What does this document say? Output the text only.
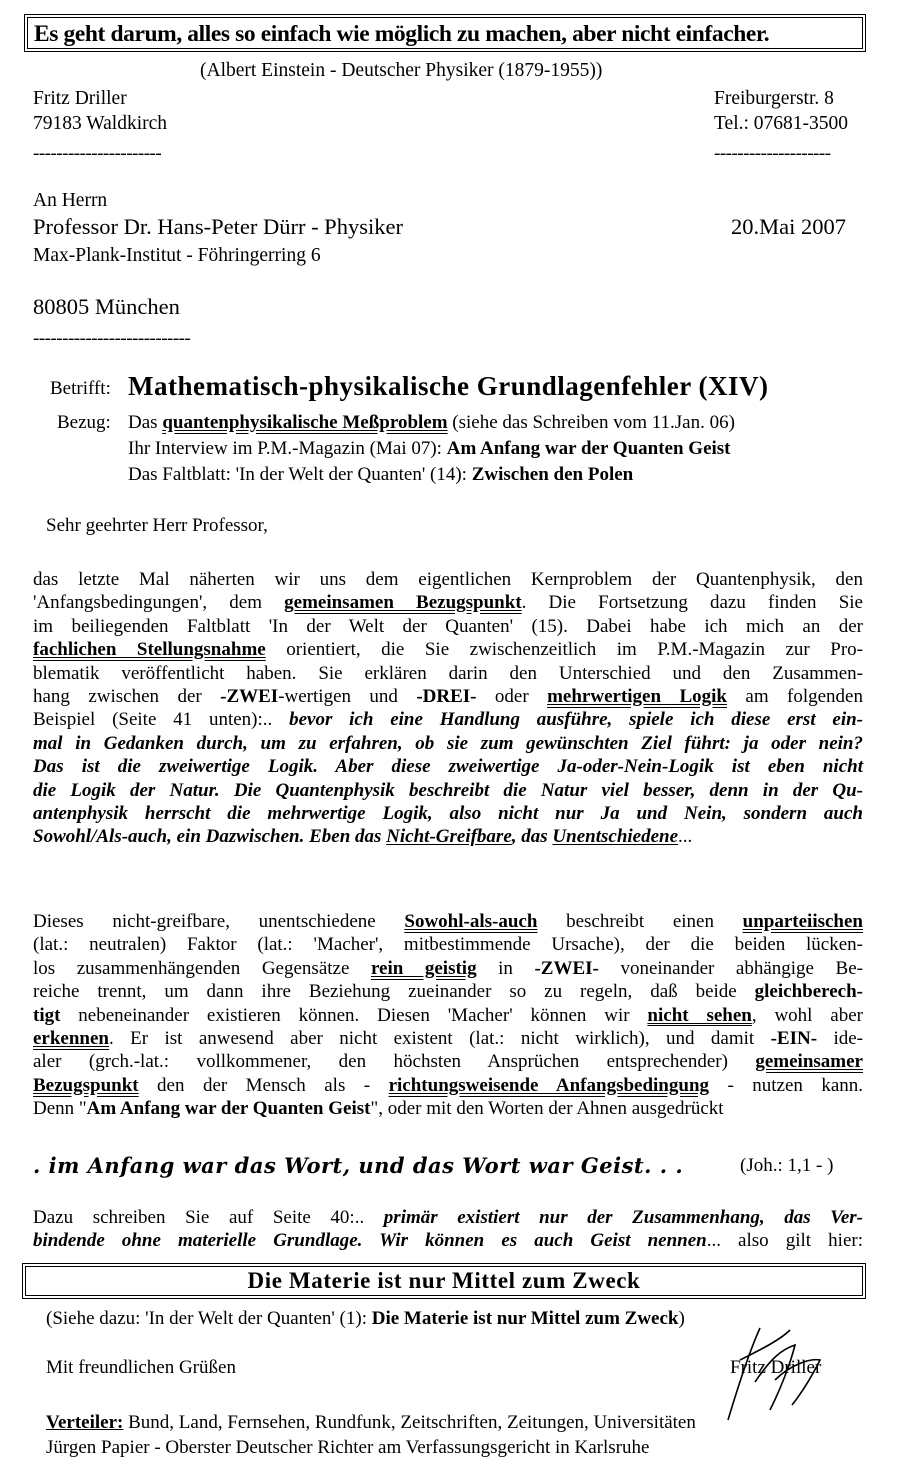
Es geht darum, alles so einfach wie möglich zu machen, aber nicht einfacher.
(Albert Einstein - Deutscher Physiker (1879-1955))
Fritz Driller
79183 Waldkirch
----------------------
Freiburgerstr. 8
Tel.: 07681-3500
--------------------
An Herrn
Professor Dr. Hans-Peter Dürr - Physiker	20.Mai 2007
Max-Plank-Institut - Föhringerring 6
80805 München
---------------------------
Betrifft: Mathematisch-physikalische Grundlagenfehler (XIV)
Bezug: Das quantenphysikalische Meßproblem (siehe das Schreiben vom 11.Jan. 06)
Ihr Interview im P.M.-Magazin (Mai 07): Am Anfang war der Quanten Geist
Das Faltblatt: 'In der Welt der Quanten' (14): Zwischen den Polen
Sehr geehrter Herr Professor,
das letzte Mal näherten wir uns dem eigentlichen Kernproblem der Quantenphysik, den
'Anfangsbedingungen', dem gemeinsamen Bezugspunkt. Die Fortsetzung dazu finden Sie
im beiliegenden Faltblatt 'In der Welt der Quanten' (15). Dabei habe ich mich an der
fachlichen Stellungsnahme orientiert, die Sie zwischenzeitlich im P.M.-Magazin zur Pro-
blematik veröffentlicht haben. Sie erklären darin den Unterschied und den Zusammen-
hang zwischen der -ZWEI-wertigen und -DREI- oder mehrwertigen Logik am folgenden
Beispiel (Seite 41 unten):.. bevor ich eine Handlung ausführe, spiele ich diese erst ein-
mal in Gedanken durch, um zu erfahren, ob sie zum gewünschten Ziel führt: ja oder nein?
Das ist die zweiwertige Logik. Aber diese zweiwertige Ja-oder-Nein-Logik ist eben nicht
die Logik der Natur. Die Quantenphysik beschreibt die Natur viel besser, denn in der Qu-
antenphysik herrscht die mehrwertige Logik, also nicht nur Ja und Nein, sondern auch
Sowohl/Als-auch, ein Dazwischen. Eben das Nicht-Greifbare, das Unentschiedene...
Dieses nicht-greifbare, unentschiedene Sowohl-als-auch beschreibt einen unparteiischen
(lat.: neutralen) Faktor (lat.: 'Macher', mitbestimmende Ursache), der die beiden lücken-
los zusammenhängenden Gegensätze rein geistig in -ZWEI- voneinander abhängige Be-
reiche trennt, um dann ihre Beziehung zueinander so zu regeln, daß beide gleichberech-
tigt nebeneinander existieren können. Diesen 'Macher' können wir nicht sehen, wohl aber
erkennen. Er ist anwesend aber nicht existent (lat.: nicht wirklich), und damit -EIN- ide-
aler (grch.-lat.: vollkommener, den höchsten Ansprüchen entsprechender) gemeinsamer
Bezugspunkt den der Mensch als - richtungsweisende Anfangsbedingung - nutzen kann.
Denn "Am Anfang war der Quanten Geist", oder mit den Worten der Ahnen ausgedrückt
. im Anfang war das Wort, und das Wort war Geist. . .	(Joh.: 1,1 - )
Dazu schreiben Sie auf Seite 40:.. primär existiert nur der Zusammenhang, das Ver-
bindende ohne materielle Grundlage. Wir können es auch Geist nennen... also gilt hier:
Die Materie ist nur Mittel zum Zweck
(Siehe dazu: 'In der Welt der Quanten' (1): Die Materie ist nur Mittel zum Zweck)
Mit freundlichen Grüßen	Fritz Driller
Verteiler: Bund, Land, Fernsehen, Rundfunk, Zeitschriften, Zeitungen, Universitäten
Jürgen Papier - Oberster Deutscher Richter am Verfassungsgericht in Karlsruhe
